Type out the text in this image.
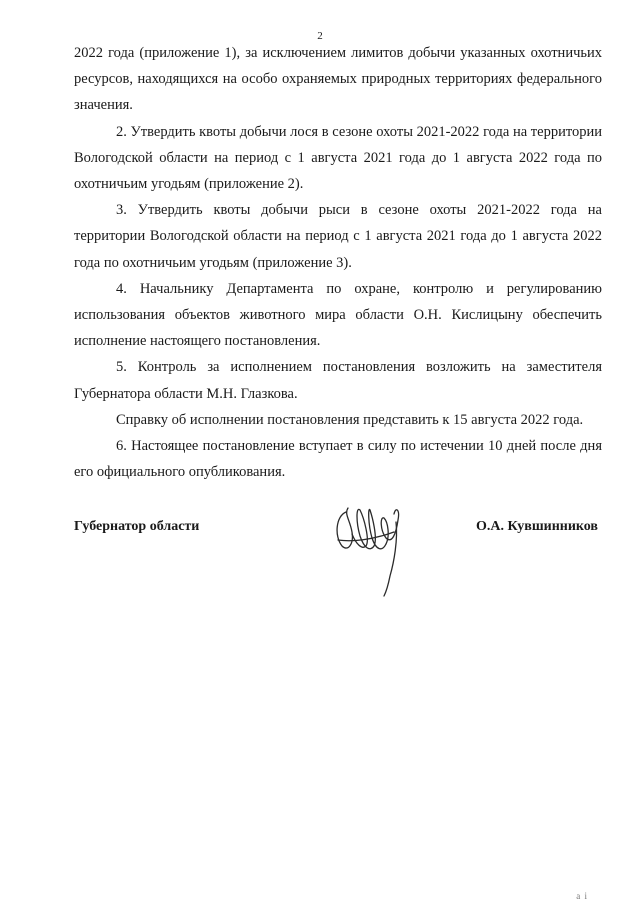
2

2022 года (приложение 1), за исключением лимитов добычи указанных охотничьих ресурсов, находящихся на особо охраняемых природных территориях федерального значения.

2. Утвердить квоты добычи лося в сезоне охоты 2021-2022 года на территории Вологодской области на период с 1 августа 2021 года до 1 августа 2022 года по охотничьим угодьям (приложение 2).

3. Утвердить квоты добычи рыси в сезоне охоты 2021-2022 года на территории Вологодской области на период с 1 августа 2021 года до 1 августа 2022 года по охотничьим угодьям (приложение 3).

4. Начальнику Департамента по охране, контролю и регулированию использования объектов животного мира области О.Н. Кислицыну обеспечить исполнение настоящего постановления.

5. Контроль за исполнением постановления возложить на заместителя Губернатора области М.Н. Глазкова.

Справку об исполнении постановления представить к 15 августа 2022 года.

6. Настоящее постановление вступает в силу по истечении 10 дней после дня его официального опубликования.

Губернатор области	О.А. Кувшинников
а і
